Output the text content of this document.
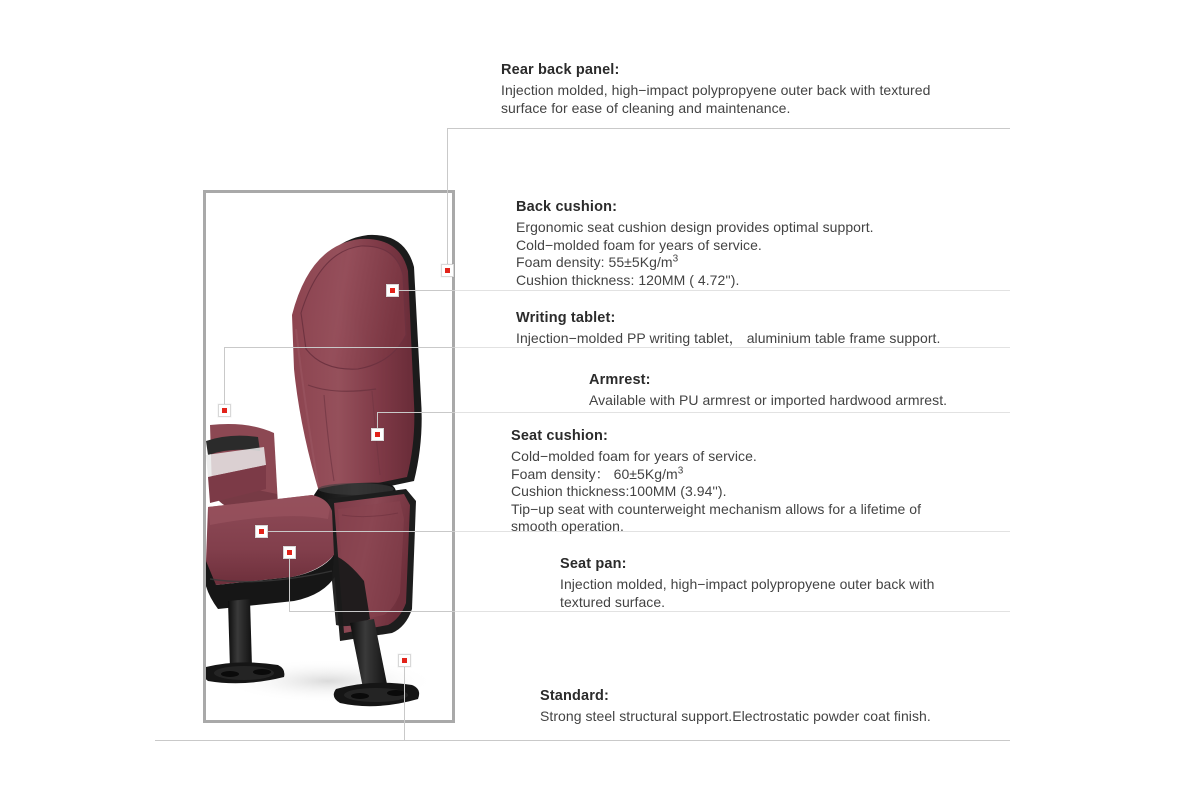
Rear back panel:
Injection molded, high−impact polypropyene outer back with textured
surface for ease of cleaning and maintenance.
Back cushion:
Ergonomic seat cushion design provides optimal support.
Cold−molded foam for years of service.
Foam density: $55\pm 5Kg/m^3$
Cushion thickness: 120MM ( 4.72'').
Writing tablet:
Injection−molded PP writing tablet， aluminium table frame support.
Armrest:
Available with PU armrest or imported hardwood armrest.
Seat cushion:
Cold−molded foam for years of service.
Foam density： $60\pm 5Kg/m^3$
Cushion thickness:100MM (3.94'').
Tip−up seat with counterweight mechanism allows for a lifetime of
smooth operation.
Seat pan:
Injection molded, high−impact polypropyene outer back with
textured surface.
Standard:
Strong steel structural support.Electrostatic powder coat finish.
